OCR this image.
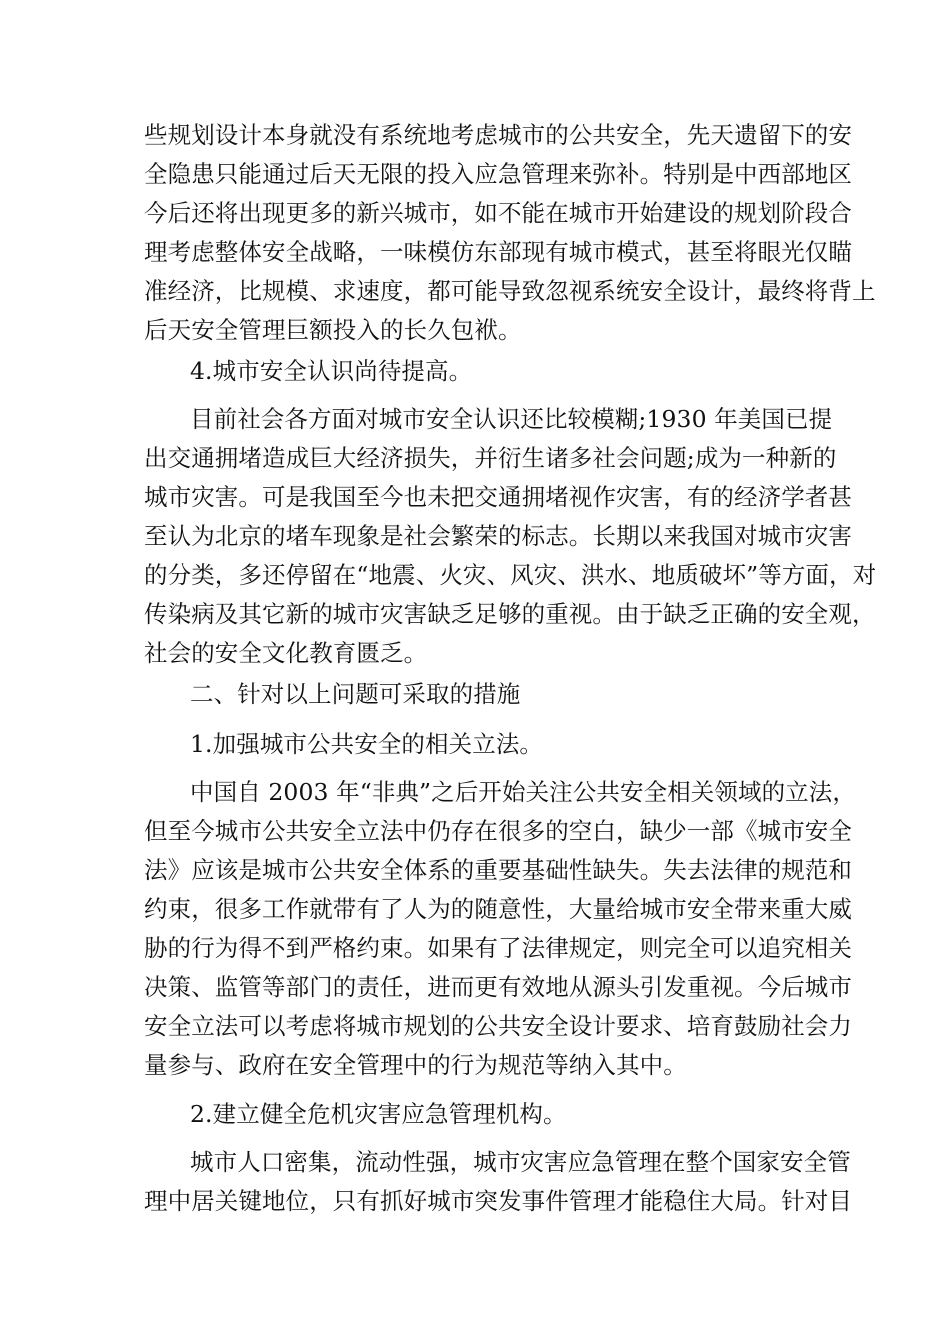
些规划设计本身就没有系统地考虑城市的公共安全，先天遗留下的安
全隐患只能通过后天无限的投入应急管理来弥补。特别是中西部地区
今后还将出现更多的新兴城市，如不能在城市开始建设的规划阶段合
理考虑整体安全战略，一味模仿东部现有城市模式，甚至将眼光仅瞄
准经济，比规模、求速度，都可能导致忽视系统安全设计，最终将背上
后天安全管理巨额投入的长久包袱。
4.城市安全认识尚待提高。
目前社会各方面对城市安全认识还比较模糊;1930 年美国已提
出交通拥堵造成巨大经济损失，并衍生诸多社会问题;成为一种新的
城市灾害。可是我国至今也未把交通拥堵视作灾害，有的经济学者甚
至认为北京的堵车现象是社会繁荣的标志。长期以来我国对城市灾害
的分类，多还停留在“地震、火灾、风灾、洪水、地质破坏”等方面，对
传染病及其它新的城市灾害缺乏足够的重视。由于缺乏正确的安全观，
社会的安全文化教育匮乏。
二、针对以上问题可采取的措施
1.加强城市公共安全的相关立法。
中国自 2003 年“非典”之后开始关注公共安全相关领域的立法，
但至今城市公共安全立法中仍存在很多的空白，缺少一部《城市安全
法》应该是城市公共安全体系的重要基础性缺失。失去法律的规范和
约束，很多工作就带有了人为的随意性，大量给城市安全带来重大威
胁的行为得不到严格约束。如果有了法律规定，则完全可以追究相关
决策、监管等部门的责任，进而更有效地从源头引发重视。今后城市
安全立法可以考虑将城市规划的公共安全设计要求、培育鼓励社会力
量参与、政府在安全管理中的行为规范等纳入其中。
2.建立健全危机灾害应急管理机构。
城市人口密集，流动性强，城市灾害应急管理在整个国家安全管
理中居关键地位，只有抓好城市突发事件管理才能稳住大局。针对目
